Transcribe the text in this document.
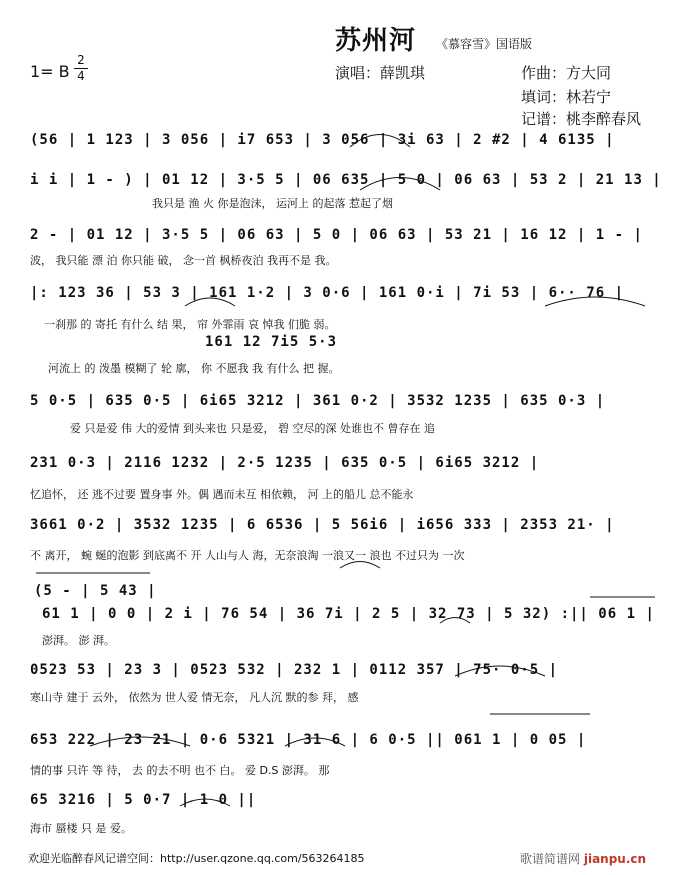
苏州河 《慕容雪》国语版
1= B
2
4	演唱：薛凯琪	作曲：方大同
填词：林若宁
记谱：桃李醉春风
(56 | 1 123 | 3 056 | i7 653 | 3 056 | 3i 63 | 2 #2 | 4 6135 |
i i | 1 - ) | 01 12 | 3·5 5 | 06 635 | 5 0 | 06 63 | 53 2 | 21 13 |
我只是 渔 火 你是泡沫， 运河上 的起落 惹起了烟
2 - | 01 12 | 3·5 5 | 06 63 | 5 0 | 06 63 | 53 21 | 16 12 | 1 - |
波， 我只能 漂 泊 你只能 破， 念一首 枫桥夜泊 我再不是 我。
|: 123 36 | 53 3 | 161 1·2 | 3 0·6 | 161 0·i | 7i 53 | 6·· 76 |
一刹那 的 寄托 有什么 结 果， 帘 外霏雨 哀 悼我 们脆 弱。
161 12 7i5 5·3
河流上 的 泼墨 模糊了 轮 廓， 你 不愿我 我 有什么 把 握。
5 0·5 | 635 0·5 | 6i65 3212 | 361 0·2 | 3532 1235 | 635 0·3 |
爱 只是爱 伟 大的爱情 到头来也 只是爱， 碧 空尽的深 处谁也不 曾存在 追
231 0·3 | 2116 1232 | 2·5 1235 | 635 0·5 | 6i65 3212 |
忆追怀， 还 逃不过要 置身事 外。偶 遇而未互 相依赖， 河 上的船儿 总不能永
3661 0·2 | 3532 1235 | 6 6536 | 5 56i6 | i656 333 | 2353 21· |
不 离开， 蜿 蜒的泡影 到底离不 开 人山与人 海，无奈浪淘 一浪又一 浪也 不过只为 一次
(5 - | 5 43 |
61 1 | 0 0 | 2 i | 76 54 | 36 7i | 2 5 | 32 73 | 5 32) :|| 06 1 |
澎湃。 澎 湃。
0523 53 | 23 3 | 0523 532 | 232 1 | 0112 357 | 75· 0·5 |
寒山寺 建于 云外， 依然为 世人爱 情无奈， 凡人沉 默的参 拜， 感
653 222 | 23 21 | 0·6 5321 | 31 6 | 6 0·5 || 061 1 | 0 05 |
情的事 只许 等 待， 去 的去不明 也不 白。 爱 D.S 澎湃。 那
65 3216 | 5 0·7 | 1 0 ||
海市 蜃楼 只 是 爱。
欢迎光临醉春风记谱空间：http://user.qzone.qq.com/563264185	歌谱简谱网 jianpu.cn
